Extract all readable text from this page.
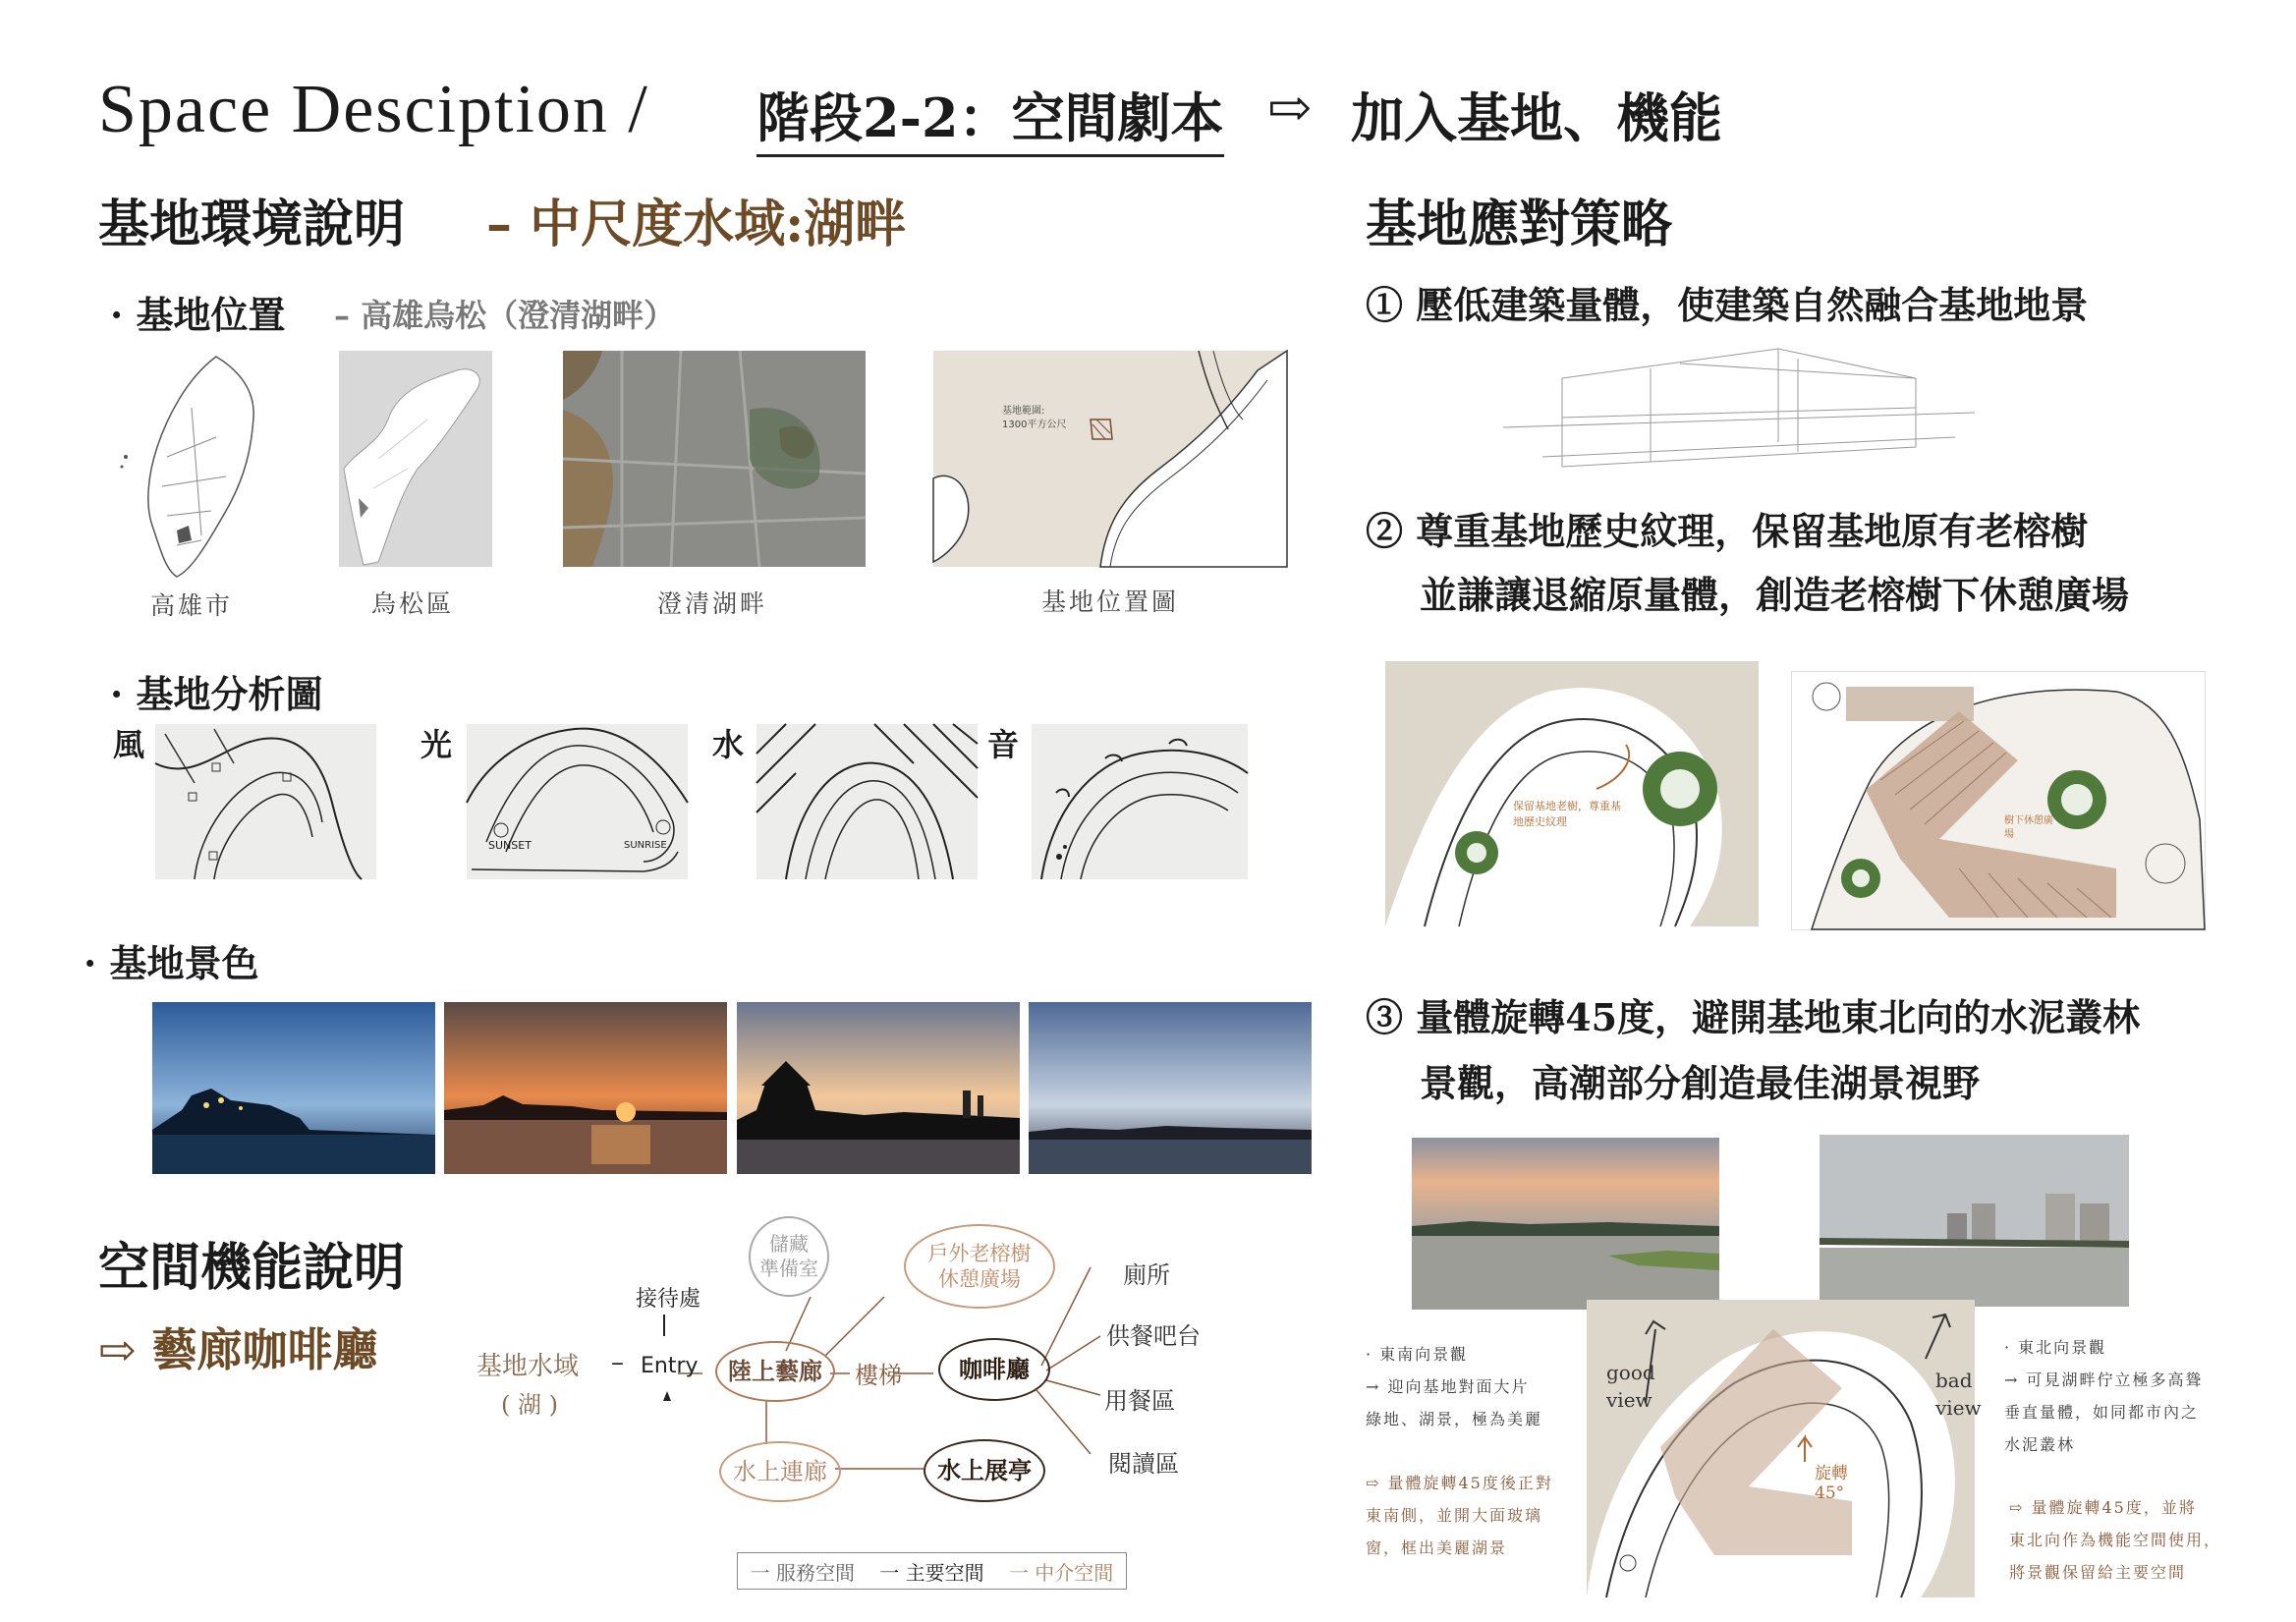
Space Desciption / 階段2-2：空間劇本 ⇨ 加入基地、機能
基地環境說明 – 中尺度水域:湖畔
· 基地位置 – 高雄烏松（澄清湖畔）
基地範圍:
1300平方公尺
高雄市	烏松區	澄清湖畔	基地位置圖
· 基地分析圖
風	光	水	音
SUNSET	SUNRISE
· 基地景色
空間機能說明
⇨ 藝廊咖啡廳	基地水域
( 湖 )
–
接待處
Entry	陸上藝廊	樓梯	咖啡廳
儲藏
準備室
戶外老榕樹
休憩廣場
水上連廊	水上展亭
廁所
供餐吧台
用餐區
閱讀區
一 服務空間 一 主要空間 一 中介空間
基地應對策略
① 壓低建築量體，使建築自然融合基地地景
② 尊重基地歷史紋理，保留基地原有老榕樹
並謙讓退縮原量體，創造老榕樹下休憩廣場
保留基地老樹，尊重基地歷史紋理	樹下休憩廣場
③ 量體旋轉45度，避開基地東北向的水泥叢林
景觀，高潮部分創造最佳湖景視野
good view
bad view
旋轉 45°
· 東南向景觀
→ 迎向基地對面大片
綠地、湖景，極為美麗
⇨ 量體旋轉45度後正對
東南側，並開大面玻璃
窗，框出美麗湖景
· 東北向景觀
→ 可見湖畔佇立極多高聳
垂直量體，如同都市內之
水泥叢林
⇨ 量體旋轉45度，並將
東北向作為機能空間使用，
將景觀保留給主要空間
